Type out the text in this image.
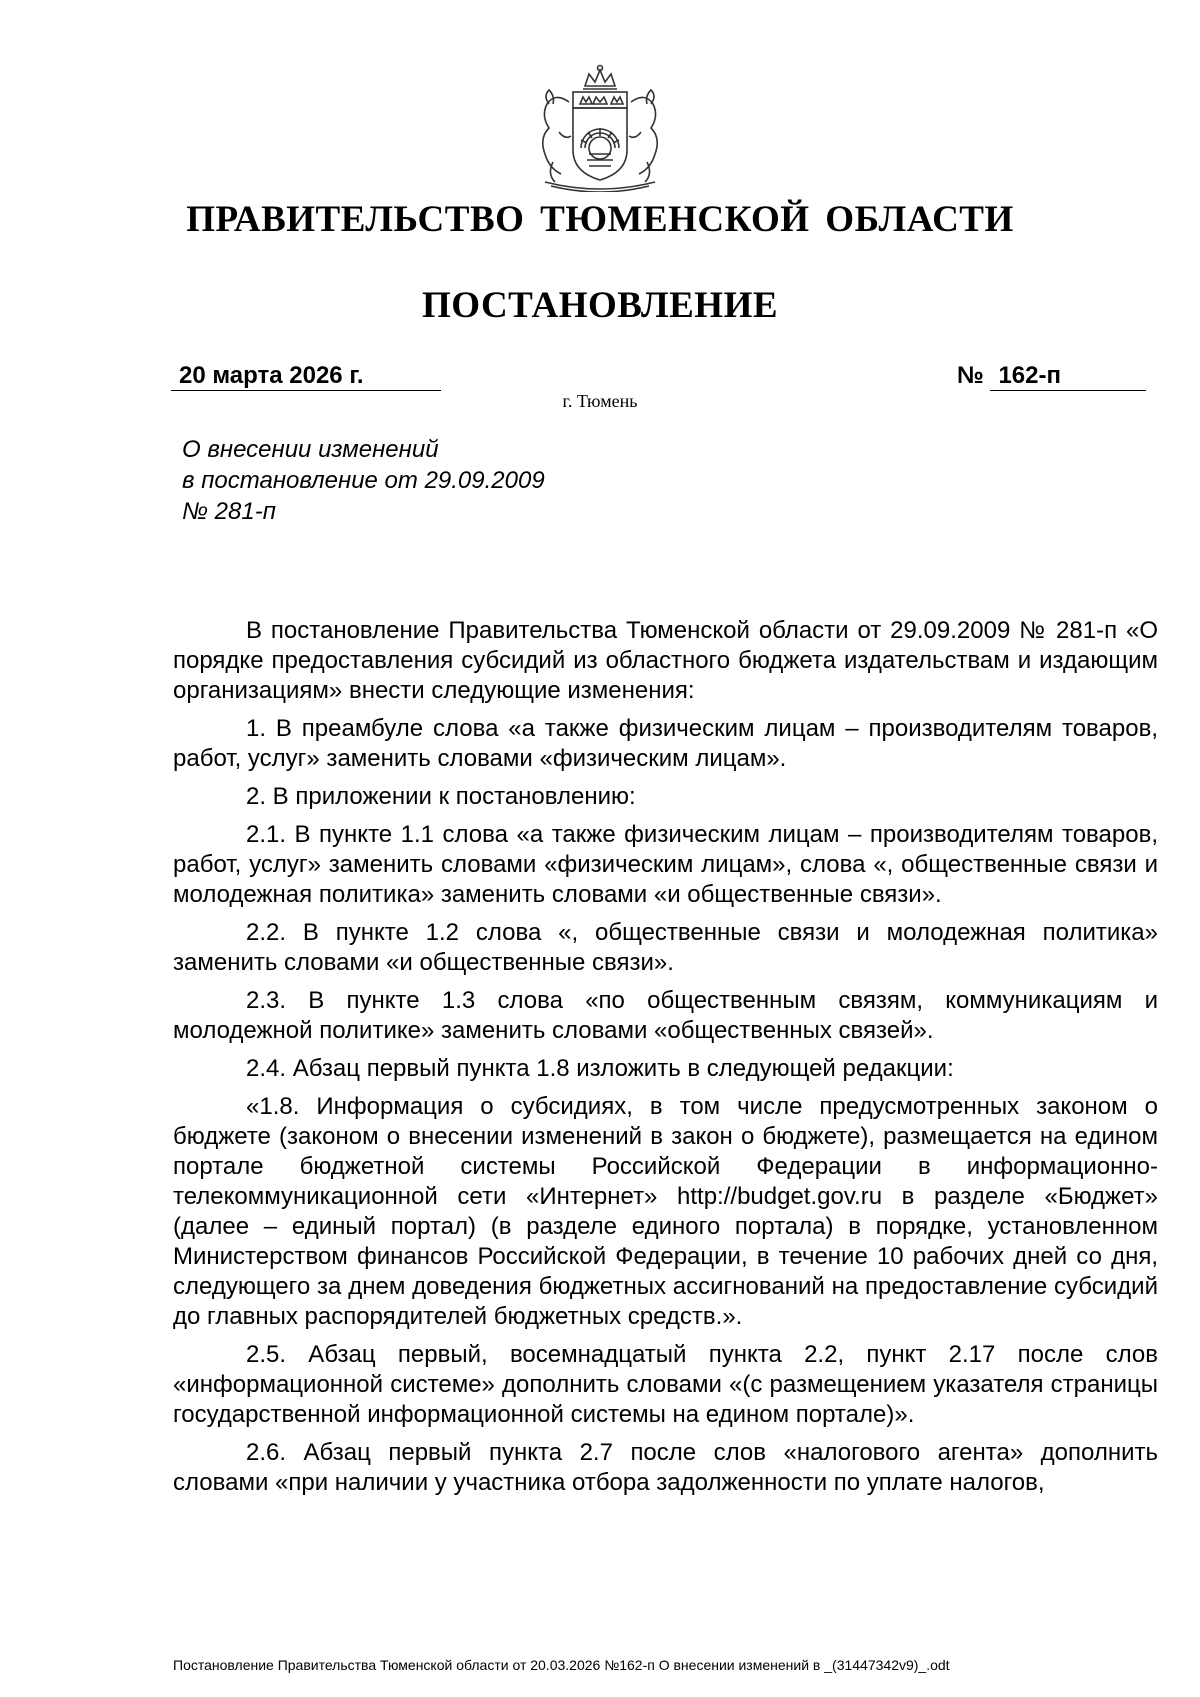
ПРАВИТЕЛЬСТВО ТЮМЕНСКОЙ ОБЛАСТИ
ПОСТАНОВЛЕНИЕ
20 марта 2026 г.	№ 162-п
г. Тюмень
О внесении изменений
в постановление от 29.09.2009
№ 281-п

В постановление Правительства Тюменской области от 29.09.2009 № 281-п «О порядке предоставления субсидий из областного бюджета издательствам и издающим организациям» внести следующие изменения:

1. В преамбуле слова «а также физическим лицам – производителям товаров, работ, услуг» заменить словами «физическим лицам».

2. В приложении к постановлению:

2.1. В пункте 1.1 слова «а также физическим лицам – производителям товаров, работ, услуг» заменить словами «физическим лицам», слова «, общественные связи и молодежная политика» заменить словами «и общественные связи».

2.2. В пункте 1.2 слова «, общественные связи и молодежная политика» заменить словами «и общественные связи».

2.3. В пункте 1.3 слова «по общественным связям, коммуникациям и молодежной политике» заменить словами «общественных связей».

2.4. Абзац первый пункта 1.8 изложить в следующей редакции:

«1.8. Информация о субсидиях, в том числе предусмотренных законом о бюджете (законом о внесении изменений в закон о бюджете), размещается на едином портале бюджетной системы Российской Федерации в информационно-телекоммуникационной сети «Интернет» http://budget.gov.ru в разделе «Бюджет» (далее – единый портал) (в разделе единого портала) в порядке, установленном Министерством финансов Российской Федерации, в течение 10 рабочих дней со дня, следующего за днем доведения бюджетных ассигнований на предоставление субсидий до главных распорядителей бюджетных средств.».

2.5. Абзац первый, восемнадцатый пункта 2.2, пункт 2.17 после слов «информационной системе» дополнить словами «(с размещением указателя страницы государственной информационной системы на едином портале)».

2.6. Абзац первый пункта 2.7 после слов «налогового агента» дополнить словами «при наличии у участника отбора задолженности по уплате налогов,

Постановление Правительства Тюменской области от 20.03.2026 №162-п О внесении изменений в _(31447342v9)_.odt
